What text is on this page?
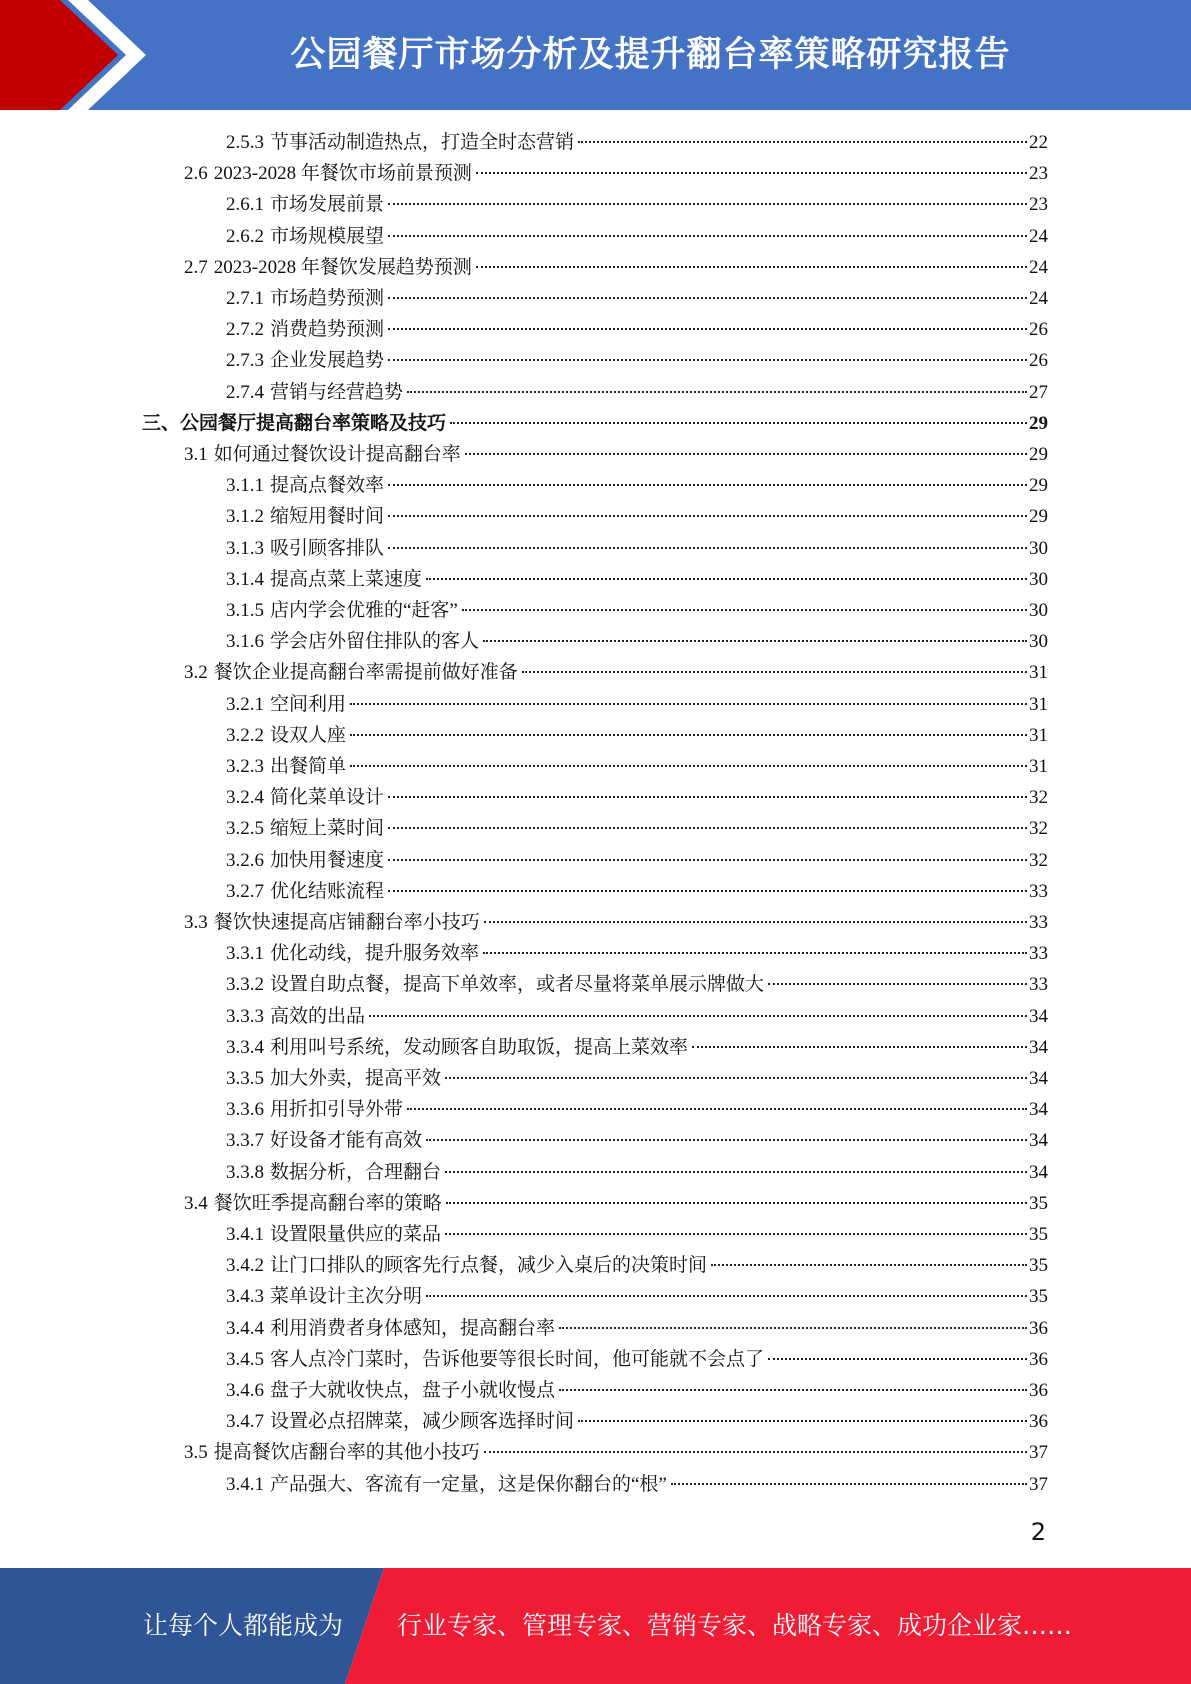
公园餐厅市场分析及提升翻台率策略研究报告
2.5.3 节事活动制造热点，打造全时态营销	22
2.6 2023-2028 年餐饮市场前景预测	23
2.6.1 市场发展前景	23
2.6.2 市场规模展望	24
2.7 2023-2028 年餐饮发展趋势预测	24
2.7.1 市场趋势预测	24
2.7.2 消费趋势预测	26
2.7.3 企业发展趋势	26
2.7.4 营销与经营趋势	27
三、公园餐厅提高翻台率策略及技巧	29
3.1 如何通过餐饮设计提高翻台率	29
3.1.1 提高点餐效率	29
3.1.2 缩短用餐时间	29
3.1.3 吸引顾客排队	30
3.1.4 提高点菜上菜速度	30
3.1.5 店内学会优雅的“赶客”	30
3.1.6 学会店外留住排队的客人	30
3.2 餐饮企业提高翻台率需提前做好准备	31
3.2.1 空间利用	31
3.2.2 设双人座	31
3.2.3 出餐简单	31
3.2.4 简化菜单设计	32
3.2.5 缩短上菜时间	32
3.2.6 加快用餐速度	32
3.2.7 优化结账流程	33
3.3 餐饮快速提高店铺翻台率小技巧	33
3.3.1 优化动线，提升服务效率	33
3.3.2 设置自助点餐，提高下单效率，或者尽量将菜单展示牌做大	33
3.3.3 高效的出品	34
3.3.4 利用叫号系统，发动顾客自助取饭，提高上菜效率	34
3.3.5 加大外卖，提高平效	34
3.3.6 用折扣引导外带	34
3.3.7 好设备才能有高效	34
3.3.8 数据分析，合理翻台	34
3.4 餐饮旺季提高翻台率的策略	35
3.4.1 设置限量供应的菜品	35
3.4.2 让门口排队的顾客先行点餐，减少入桌后的决策时间	35
3.4.3 菜单设计主次分明	35
3.4.4 利用消费者身体感知，提高翻台率	36
3.4.5 客人点冷门菜时，告诉他要等很长时间，他可能就不会点了	36
3.4.6 盘子大就收快点，盘子小就收慢点	36
3.4.7 设置必点招牌菜，减少顾客选择时间	36
3.5 提高餐饮店翻台率的其他小技巧	37
3.4.1 产品强大、客流有一定量，这是保你翻台的“根”	37
2
让每个人都能成为 行业专家、管理专家、营销专家、战略专家、成功企业家……
